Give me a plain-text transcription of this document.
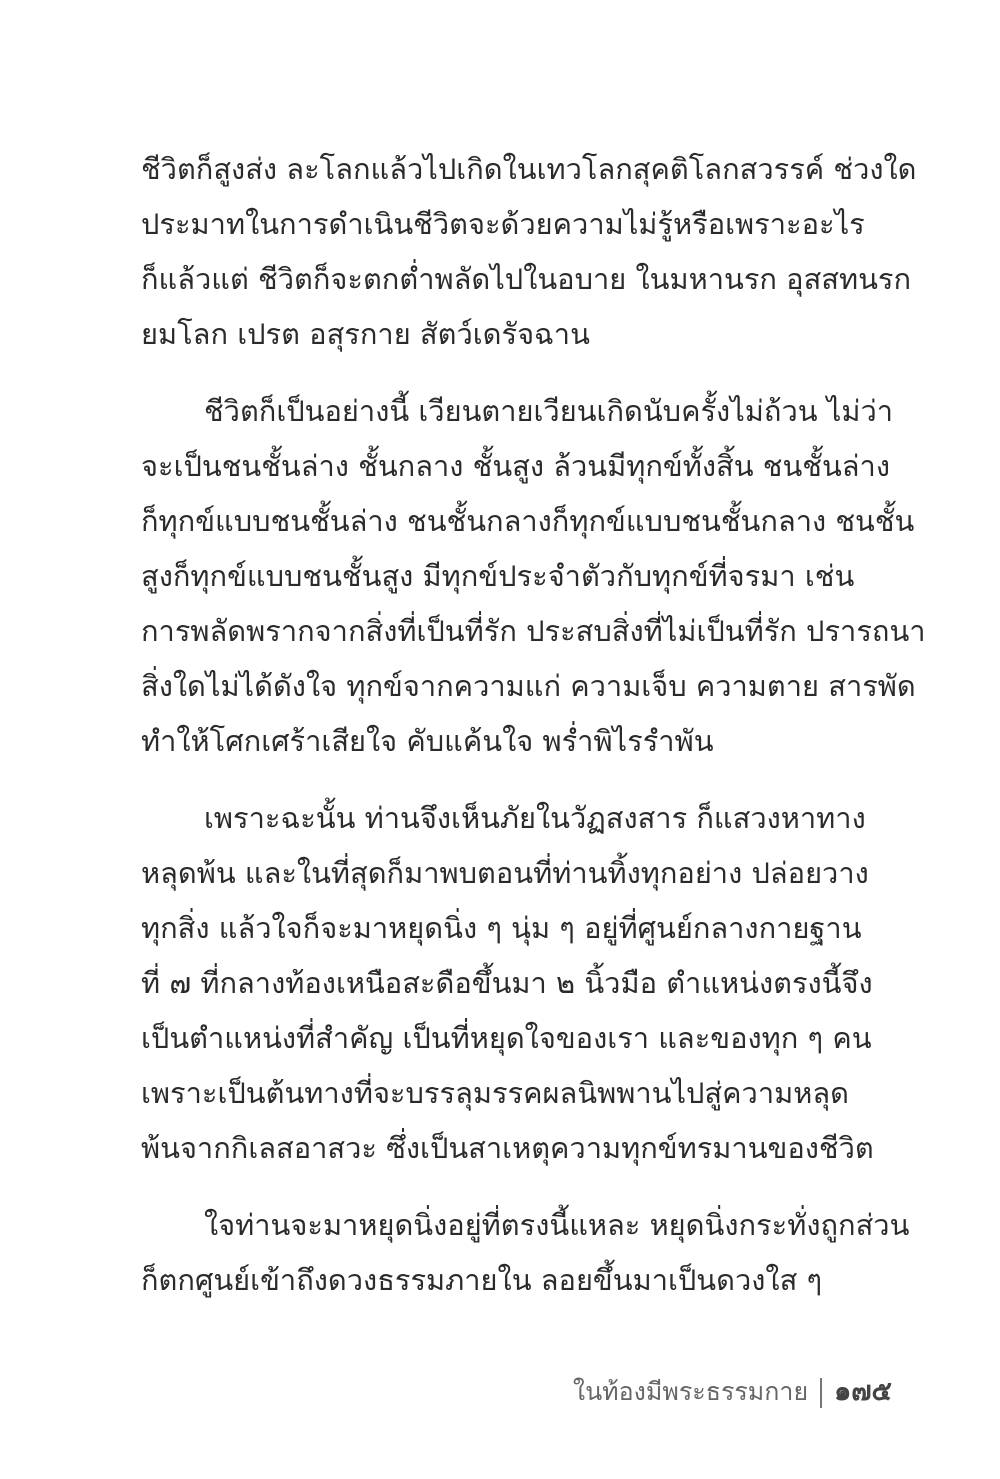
ชีวิตก็สูงส่ง ละโลกแล้วไปเกิดในเทวโลกสุคติโลกสวรรค์ ช่วงใด
ประมาทในการดำเนินชีวิตจะด้วยความไม่รู้หรือเพราะอะไร
ก็แล้วแต่ ชีวิตก็จะตกต่ำพลัดไปในอบาย ในมหานรก อุสสทนรก
ยมโลก เปรต อสุรกาย สัตว์เดรัจฉาน

ชีวิตก็เป็นอย่างนี้ เวียนตายเวียนเกิดนับครั้งไม่ถ้วน ไม่ว่า
จะเป็นชนชั้นล่าง ชั้นกลาง ชั้นสูง ล้วนมีทุกข์ทั้งสิ้น ชนชั้นล่าง
ก็ทุกข์แบบชนชั้นล่าง ชนชั้นกลางก็ทุกข์แบบชนชั้นกลาง ชนชั้น
สูงก็ทุกข์แบบชนชั้นสูง มีทุกข์ประจำตัวกับทุกข์ที่จรมา เช่น
การพลัดพรากจากสิ่งที่เป็นที่รัก ประสบสิ่งที่ไม่เป็นที่รัก ปรารถนา
สิ่งใดไม่ได้ดังใจ ทุกข์จากความแก่ ความเจ็บ ความตาย สารพัด
ทำให้โศกเศร้าเสียใจ คับแค้นใจ พร่ำพิไรรำพัน

เพราะฉะนั้น ท่านจึงเห็นภัยในวัฏสงสาร ก็แสวงหาทาง
หลุดพ้น และในที่สุดก็มาพบตอนที่ท่านทิ้งทุกอย่าง ปล่อยวาง
ทุกสิ่ง แล้วใจก็จะมาหยุดนิ่ง ๆ นุ่ม ๆ อยู่ที่ศูนย์กลางกายฐาน
ที่ ๗ ที่กลางท้องเหนือสะดือขึ้นมา ๒ นิ้วมือ ตำแหน่งตรงนี้จึง
เป็นตำแหน่งที่สำคัญ เป็นที่หยุดใจของเรา และของทุก ๆ คน
เพราะเป็นต้นทางที่จะบรรลุมรรคผลนิพพานไปสู่ความหลุด
พ้นจากกิเลสอาสวะ ซึ่งเป็นสาเหตุความทุกข์ทรมานของชีวิต

ใจท่านจะมาหยุดนิ่งอยู่ที่ตรงนี้แหละ หยุดนิ่งกระทั่งถูกส่วน
ก็ตกศูนย์เข้าถึงดวงธรรมภายใน ลอยขึ้นมาเป็นดวงใส ๆ

ในท้องมีพระธรรมกาย ๑๗๕
